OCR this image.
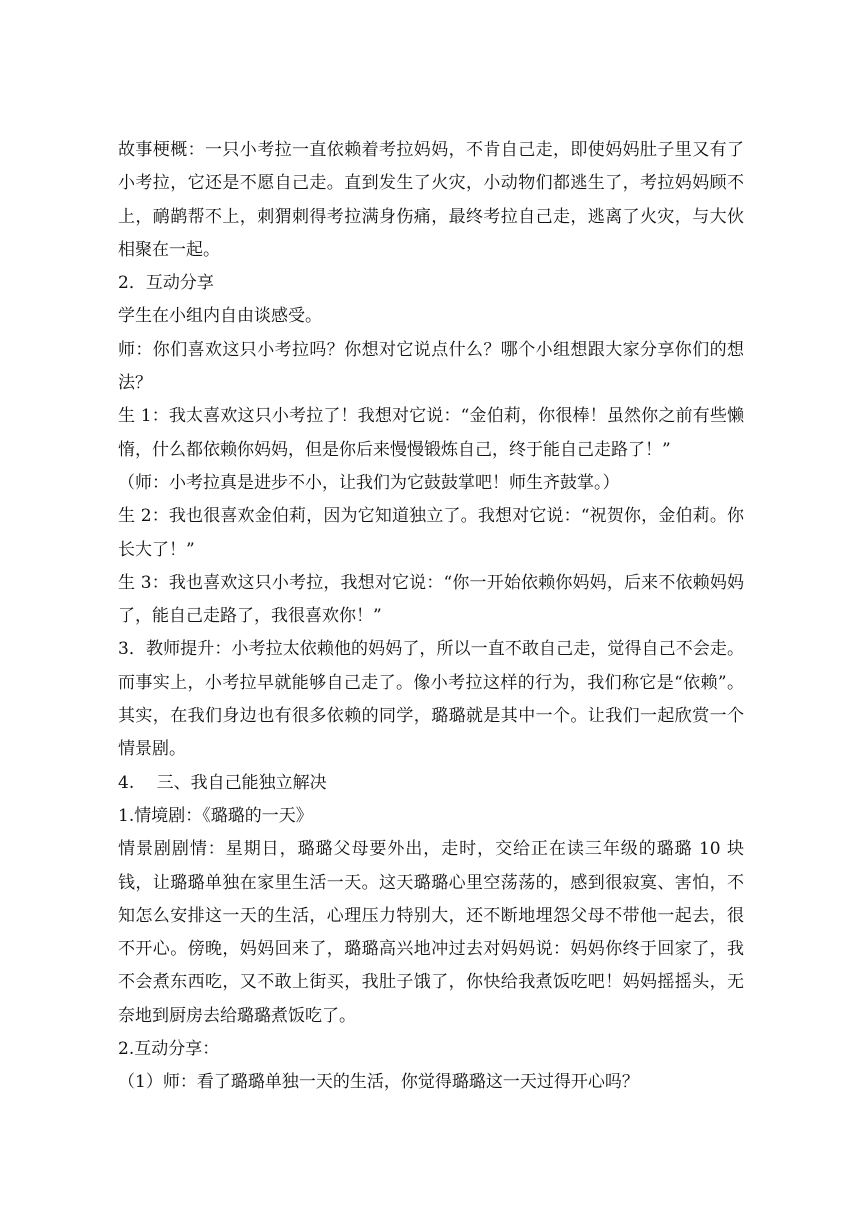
故事梗概：一只小考拉一直依赖着考拉妈妈，不肯自己走，即使妈妈肚子里又有了小考拉，它还是不愿自己走。直到发生了火灾，小动物们都逃生了，考拉妈妈顾不上，鸸鹋帮不上，刺猬刺得考拉满身伤痛，最终考拉自己走，逃离了火灾，与大伙相聚在一起。

2．互动分享

学生在小组内自由谈感受。

师：你们喜欢这只小考拉吗？你想对它说点什么？哪个小组想跟大家分享你们的想法？

生 1：我太喜欢这只小考拉了！我想对它说：“金伯莉，你很棒！虽然你之前有些懒惰，什么都依赖你妈妈，但是你后来慢慢锻炼自己，终于能自己走路了！”

（师：小考拉真是进步不小，让我们为它鼓鼓掌吧！师生齐鼓掌。）

生 2：我也很喜欢金伯莉，因为它知道独立了。我想对它说：“祝贺你，金伯莉。你长大了！”

生 3：我也喜欢这只小考拉，我想对它说：“你一开始依赖你妈妈，后来不依赖妈妈了，能自己走路了，我很喜欢你！”

3．教师提升：小考拉太依赖他的妈妈了，所以一直不敢自己走，觉得自己不会走。而事实上，小考拉早就能够自己走了。像小考拉这样的行为，我们称它是“依赖”。其实，在我们身边也有很多依赖的同学，璐璐就是其中一个。让我们一起欣赏一个情景剧。

4.　 三、我自己能独立解决

1.情境剧：《璐璐的一天》

情景剧剧情：星期日，璐璐父母要外出，走时，交给正在读三年级的璐璐 10 块钱，让璐璐单独在家里生活一天。这天璐璐心里空荡荡的，感到很寂寞、害怕，不知怎么安排这一天的生活，心理压力特别大，还不断地埋怨父母不带他一起去，很不开心。傍晚，妈妈回来了，璐璐高兴地冲过去对妈妈说：妈妈你终于回家了，我不会煮东西吃，又不敢上街买，我肚子饿了，你快给我煮饭吃吧！妈妈摇摇头，无奈地到厨房去给璐璐煮饭吃了。

2.互动分享：

（1）师：看了璐璐单独一天的生活，你觉得璐璐这一天过得开心吗？
